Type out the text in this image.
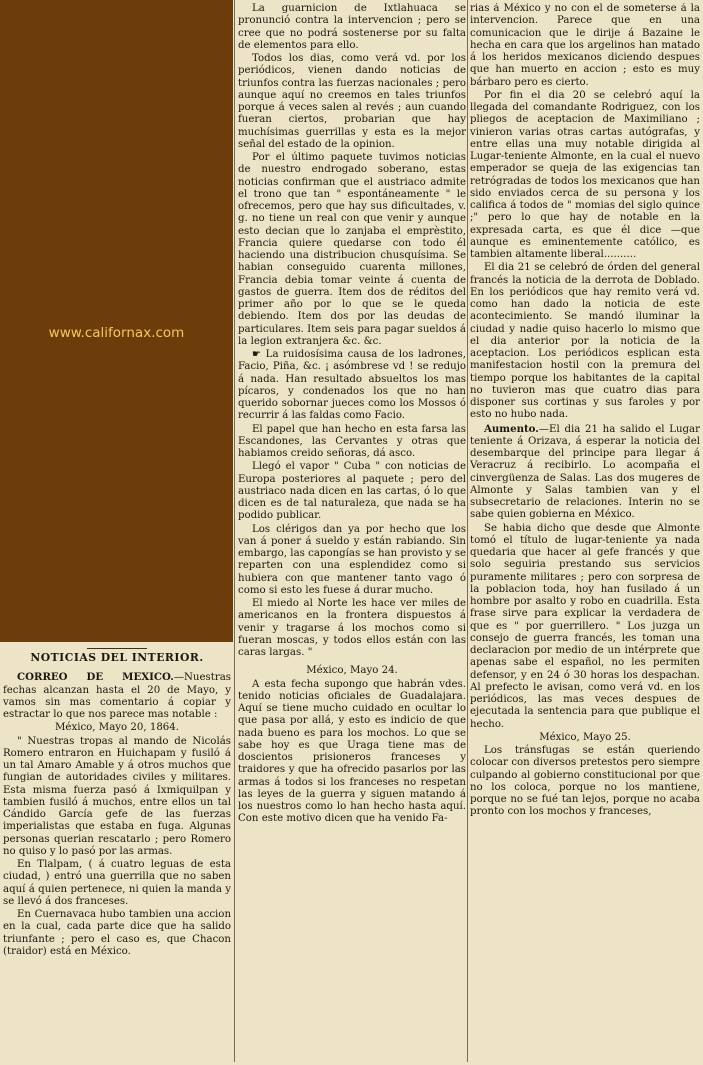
www.californax.com
NOTICIAS DEL INTERIOR.

CORREO DE MEXICO.—Nuestras fechas alcanzan hasta el 20 de Mayo, y vamos sin mas comentario á copiar y estractar lo que nos parece mas notable :

México, Mayo 20, 1864.

" Nuestras tropas al mando de Nicolás Romero entraron en Huichapam y fusiló á un tal Amaro Amable y á otros muchos que fungian de autoridades civiles y militares. Esta misma fuerza pasó á Ixmiquilpan y tambien fusiló á muchos, entre ellos un tal Cándido García gefe de las fuerzas imperialistas que estaba en fuga. Algunas personas querian rescatarlo ; pero Romero no quiso y lo pasó por las armas.

En Tlalpam, ( á cuatro leguas de esta ciudad, ) entró una guerrilla que no saben aquí á quien pertenece, ni quien la manda y se llevó á dos franceses.

En Cuernavaca hubo tambien una accion en la cual, cada parte dice que ha salido triunfante ; pero el caso es, que Chacon (traidor) está en México.

La guarnicion de Ixtlahuaca se pronunció contra la intervencion ; pero se cree que no podrá sostenerse por su falta de elementos para ello.

Todos los dias, como verá vd. por los periódicos, vienen dando noticias de triunfos contra las fuerzas nacionales ; pero aunque aquí no creemos en tales triunfos porque á veces salen al revés ; aun cuando fueran ciertos, probarian que hay muchísimas guerrillas y esta es la mejor señal del estado de la opinion.

Por el último paquete tuvimos noticias de nuestro endrogado soberano, estas noticias confirman que el austriaco admite el trono que tan " espontáneamente " le ofrecemos, pero que hay sus dificultades, v. g. no tiene un real con que venir y aunque esto decian que lo zanjaba el emprèstito, Francia quiere quedarse con todo él haciendo una distribucion chusquísima. Se habian conseguido cuarenta millones, Francia debia tomar veinte á cuenta de gastos de guerra. Item dos de réditos del primer año por lo que se le queda debiendo. Item dos por las deudas de particulares. Item seis para pagar sueldos á la legion extranjera &c. &c.

☛ La ruidosísima causa de los ladrones, Facio, Piña, &c. ¡ asómbrese vd ! se redujo á nada. Han resultado absueltos los mas pícaros, y condenados los que no han querido sobornar jueces como los Mossos ó recurrir á las faldas como Facio.

El papel que han hecho en esta farsa las Escandones, las Cervantes y otras que habiamos creido señoras, dá asco.

Llegó el vapor " Cuba " con noticias de Europa posteriores al paquete ; pero del austriaco nada dicen en las cartas, ó lo que dicen es de tal naturaleza, que nada se ha podido publicar.

Los clérigos dan ya por hecho que los van á poner á sueldo y están rabiando. Sin embargo, las capongías se han provisto y se reparten con una esplendidez como si hubiera con que mantener tanto vago ó como si esto les fuese á durar mucho.

El miedo al Norte les hace ver miles de americanos en la frontera dispuestos á venir y tragarse á los mochos como si fueran moscas, y todos ellos están con las caras largas. "

México, Mayo 24.

A esta fecha supongo que habrán vdes. tenido noticias oficiales de Guadalajara. Aquí se tiene mucho cuidado en ocultar lo que pasa por allá, y esto es indicio de que nada bueno es para los mochos. Lo que se sabe hoy es que Uraga tiene mas de doscientos prisioneros franceses y traidores y que ha ofrecido pasarlos por las armas á todos si los franceses no respetan las leyes de la guerra y siguen matando á los nuestros como lo han hecho hasta aquí. Con este motivo dicen que ha venido Fa-

rias á México y no con el de someterse á la intervencion. Parece que en una comunicacion que le dirije á Bazaine le hecha en cara que los argelinos han matado á los heridos mexicanos diciendo despues que han muerto en accion ; esto es muy bárbaro pero es cierto.

Por fin el dia 20 se celebró aquí la llegada del comandante Rodriguez, con los pliegos de aceptacion de Maximiliano ; vinieron varias otras cartas autógrafas, y entre ellas una muy notable dirigida al Lugar-teniente Almonte, en la cual el nuevo emperador se queja de las exigencias tan retrógradas de todos los mexicanos que han sido enviados cerca de su persona y los califica á todos de " momias del siglo quince ;" pero lo que hay de notable en la expresada carta, es que él dice —que aunque es eminentemente católico, es tambien altamente liberal..........

El dia 21 se celebró de órden del general francés la noticia de la derrota de Doblado. En los periódicos que hay remito verá vd. como han dado la noticia de este acontecimiento. Se mandó iluminar la ciudad y nadie quiso hacerlo lo mismo que el dia anterior por la noticia de la aceptacion. Los periódicos esplican esta manifestacion hostil con la premura del tiempo porque los habitantes de la capital no tuvieron mas que cuatro dias para disponer sus cortinas y sus faroles y por esto no hubo nada.

Aumento.—El dia 21 ha salido el Lugar teniente á Orizava, á esperar la noticia del desembarque del principe para llegar á Veracruz á recibirlo. Lo acompaña el cinvergüenza de Salas. Las dos mugeres de Almonte y Salas tambien van y el subsecretario de relaciones. Interin no se sabe quien gobierna en México.

Se habia dicho que desde que Almonte tomó el título de lugar-teniente ya nada quedaria que hacer al gefe francés y que solo seguiria prestando sus servicios puramente militares ; pero con sorpresa de la poblacion toda, hoy han fusilado á un hombre por asalto y robo en cuadrilla. Esta frase sirve para explicar la verdadera de que es " por guerrillero. " Los juzga un consejo de guerra francés, les toman una declaracion por medio de un intérprete que apenas sabe el español, no les permiten defensor, y en 24 ó 30 horas los despachan. Al prefecto le avisan, como verá vd. en los periódicos, las mas veces despues de ejecutada la sentencia para que publique el hecho.

México, Mayo 25.

Los tránsfugas se están queriendo colocar con diversos pretestos pero siempre culpando al gobierno constitucional por que no los coloca, porque no los mantiene, porque no se fué tan lejos, porque no acaba pronto con los mochos y franceses,
